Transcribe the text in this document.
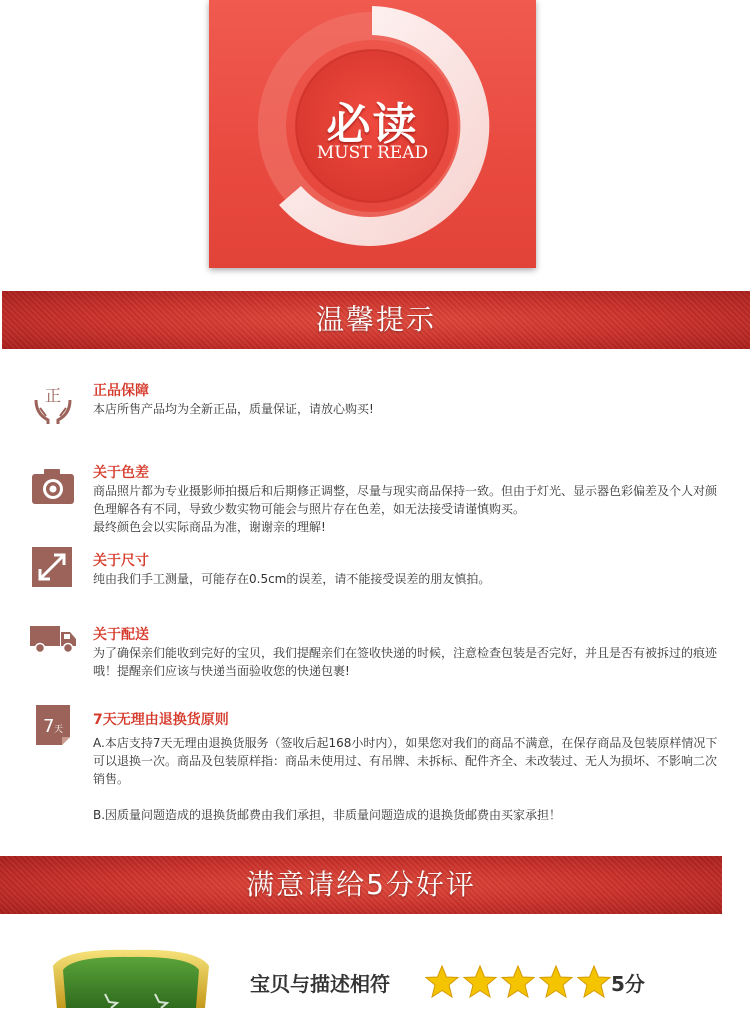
必读
MUST READ
温馨提示
正 正品保障

本店所售产品均为全新正品，质量保证，请放心购买!

关于色差

商品照片都为专业摄影师拍摄后和后期修正调整，尽量与现实商品保持一致。但由于灯光、显示器色彩偏差及个人对颜色理解各有不同，导致少数实物可能会与照片存在色差，如无法接受请谨慎购买。

最终颜色会以实际商品为准，谢谢亲的理解!

关于尺寸

纯由我们手工测量，可能存在0.5cm的误差，请不能接受误差的朋友慎拍。

关于配送

为了确保亲们能收到完好的宝贝，我们提醒亲们在签收快递的时候，注意检查包装是否完好，并且是否有被拆过的痕迹哦！提醒亲们应该与快递当面验收您的快递包裹!

7 天
7天无理由退换货原则

A.本店支持7天无理由退换货服务（签收后起168小时内），如果您对我们的商品不满意，在保存商品及包装原样情况下可以退换一次。商品及包装原样指：商品未使用过、有吊牌、未拆标、配件齐全、未改装过、无人为损坏、不影响二次销售。

B.因质量问题造成的退换货邮费由我们承担，非质量问题造成的退换货邮费由买家承担！

满意请给5分好评
宝贝与描述相符	5分
